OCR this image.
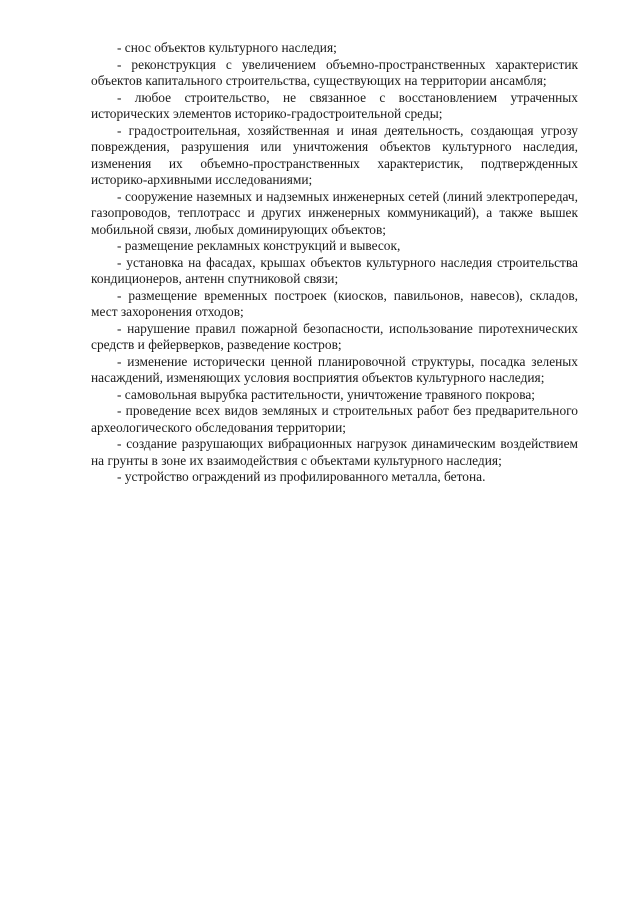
- снос объектов культурного наследия;

- реконструкция с увеличением объемно-пространственных характеристик объектов капитального строительства, существующих на территории ансамбля;

- любое строительство, не связанное с восстановлением утраченных исторических элементов историко-градостроительной среды;

- градостроительная, хозяйственная и иная деятельность, создающая угрозу повреждения, разрушения или уничтожения объектов культурного наследия, изменения их объемно-пространственных характеристик, подтвержденных историко-архивными исследованиями;

- сооружение наземных и надземных инженерных сетей (линий электропередач, газопроводов, теплотрасс и других инженерных коммуникаций), а также вышек мобильной связи, любых доминирующих объектов;

- размещение рекламных конструкций и вывесок,

- установка на фасадах, крышах объектов культурного наследия строительства кондиционеров, антенн спутниковой связи;

- размещение временных построек (киосков, павильонов, навесов), складов, мест захоронения отходов;

- нарушение правил пожарной безопасности, использование пиротехнических средств и фейерверков, разведение костров;

- изменение исторически ценной планировочной структуры, посадка зеленых насаждений, изменяющих условия восприятия объектов культурного наследия;

- самовольная вырубка растительности, уничтожение травяного покрова;

- проведение всех видов земляных и строительных работ без предварительного археологического обследования территории;

- создание разрушающих вибрационных нагрузок динамическим воздействием на грунты в зоне их взаимодействия с объектами культурного наследия;

- устройство ограждений из профилированного металла, бетона.
